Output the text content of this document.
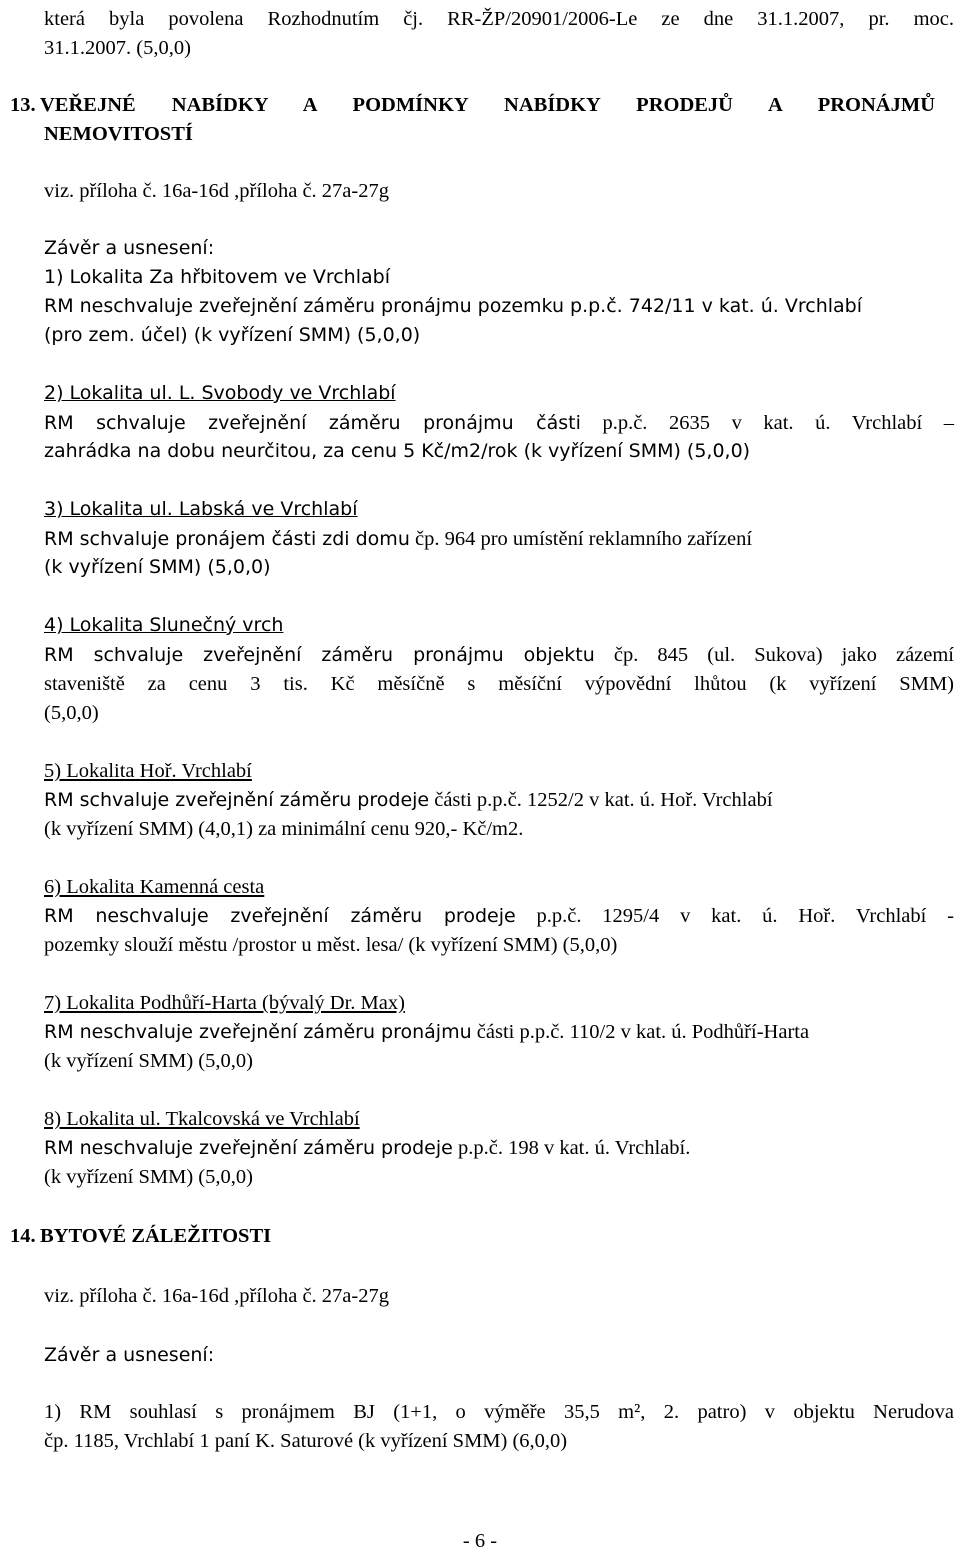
která byla povolena Rozhodnutím čj. RR-ŽP/20901/2006-Le ze dne 31.1.2007, pr. moc.

31.1.2007. (5,0,0)

13. VEŘEJNÉ NABÍDKY A PODMÍNKY NABÍDKY PRODEJŮ A PRONÁJMŮ

NEMOVITOSTÍ

viz. příloha č. 16a-16d ,příloha č. 27a-27g

Závěr a usnesení:

1) Lokalita Za hřbitovem ve Vrchlabí

RM neschvaluje zveřejnění záměru pronájmu pozemku p.p.č. 742/11 v kat. ú. Vrchlabí

(pro zem. účel) (k vyřízení SMM) (5,0,0)

2) Lokalita ul. L. Svobody ve Vrchlabí

RM schvaluje zveřejnění záměru pronájmu části p.p.č. 2635 v kat. ú. Vrchlabí –

zahrádka na dobu neurčitou, za cenu 5 Kč/m2/rok (k vyřízení SMM) (5,0,0)

3) Lokalita ul. Labská ve Vrchlabí

RM schvaluje pronájem části zdi domu čp. 964 pro umístění reklamního zařízení

(k vyřízení SMM) (5,0,0)

4) Lokalita Slunečný vrch

RM schvaluje zveřejnění záměru pronájmu objektu čp. 845 (ul. Sukova) jako zázemí

staveniště za cenu 3 tis. Kč měsíčně s měsíční výpovědní lhůtou (k vyřízení SMM)

(5,0,0)

5) Lokalita Hoř. Vrchlabí

RM schvaluje zveřejnění záměru prodeje části p.p.č. 1252/2 v kat. ú. Hoř. Vrchlabí

(k vyřízení SMM) (4,0,1) za minimální cenu 920,- Kč/m2.

6) Lokalita Kamenná cesta

RM neschvaluje zveřejnění záměru prodeje p.p.č. 1295/4 v kat. ú. Hoř. Vrchlabí -

pozemky slouží městu /prostor u měst. lesa/ (k vyřízení SMM) (5,0,0)

7) Lokalita Podhůří-Harta (bývalý Dr. Max)

RM neschvaluje zveřejnění záměru pronájmu části p.p.č. 110/2 v kat. ú. Podhůří-Harta

(k vyřízení SMM) (5,0,0)

8) Lokalita ul. Tkalcovská ve Vrchlabí

RM neschvaluje zveřejnění záměru prodeje p.p.č. 198 v kat. ú. Vrchlabí.

(k vyřízení SMM) (5,0,0)

14. BYTOVÉ ZÁLEŽITOSTI

viz. příloha č. 16a-16d ,příloha č. 27a-27g

Závěr a usnesení:

1) RM souhlasí s pronájmem BJ (1+1, o výměře 35,5 m², 2. patro) v objektu Nerudova

čp. 1185, Vrchlabí 1 paní K. Saturové (k vyřízení SMM) (6,0,0)

- 6 -
